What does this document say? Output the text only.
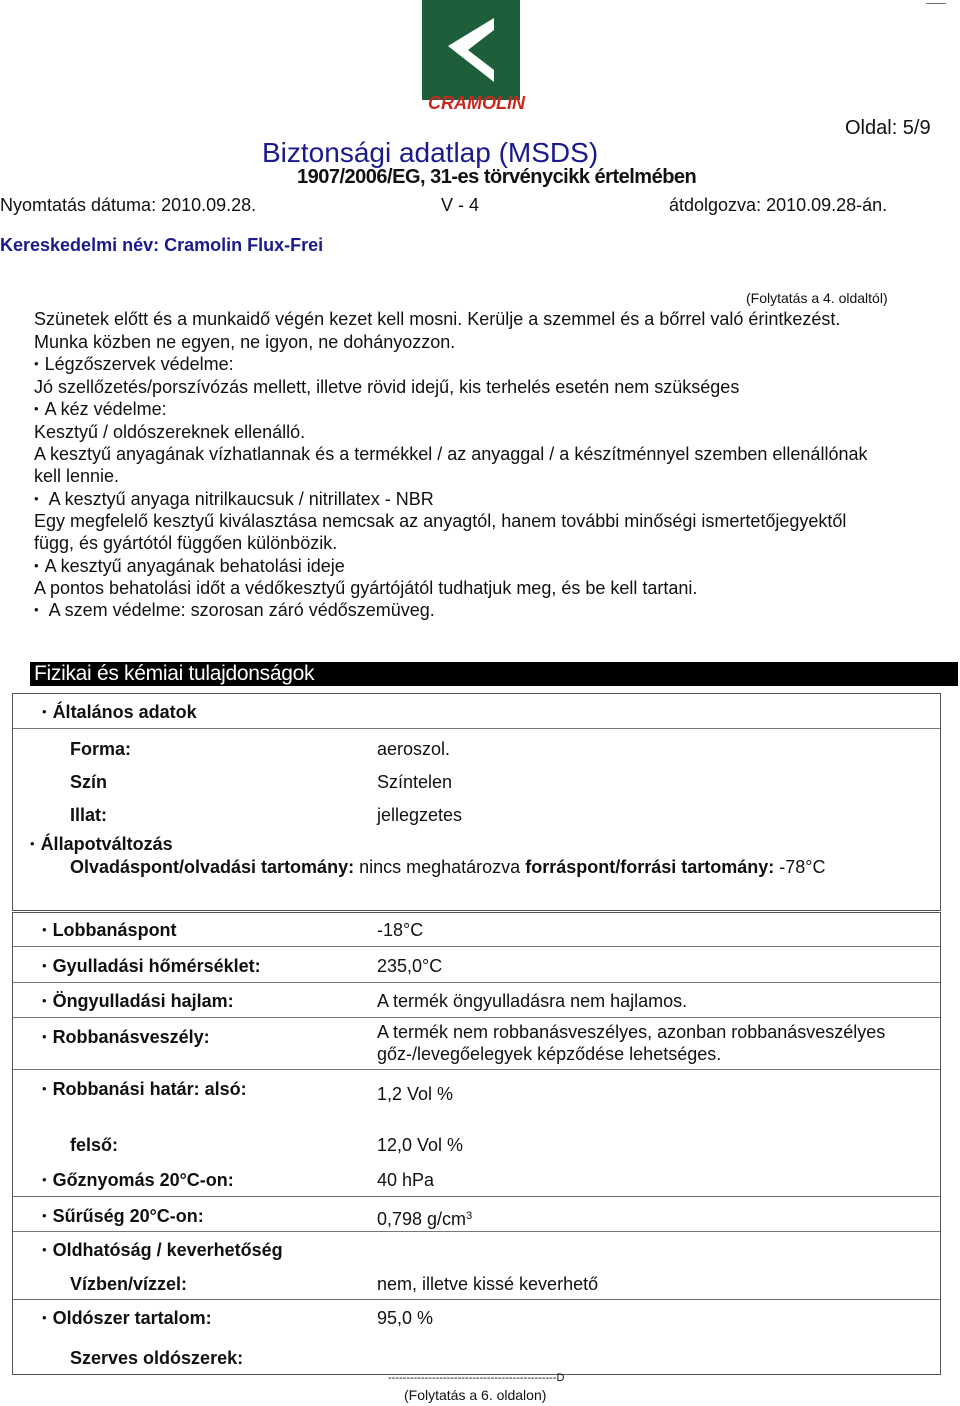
CRAMOLIN
Oldal: 5/9
Biztonsági adatlap (MSDS)
1907/2006/EG, 31-es törvénycikk értelmében
Nyomtatás dátuma: 2010.09.28.	V - 4	átdolgozva: 2010.09.28-án.
Kereskedelmi név: Cramolin Flux-Frei
(Folytatás a 4. oldaltól)
Szünetek előtt és a munkaidő végén kezet kell mosni. Kerülje a szemmel és a bőrrel való érintkezést.
Munka közben ne egyen, ne igyon, ne dohányozzon.
• Légzőszervek védelme:
Jó szellőzetés/porszívózás mellett, illetve rövid idejű, kis terhelés esetén nem szükséges
• A kéz védelme:
Kesztyű / oldószereknek ellenálló.
A kesztyű anyagának vízhatlannak és a termékkel / az anyaggal / a készítménnyel szemben ellenállónak
kell lennie.
• A kesztyű anyaga nitrilkaucsuk / nitrillatex - NBR
Egy megfelelő kesztyű kiválasztása nemcsak az anyagtól, hanem további minőségi ismertetőjegyektől
függ, és gyártótól függően különbözik.
• A kesztyű anyagának behatolási ideje
A pontos behatolási időt a védőkesztyű gyártójától tudhatjuk meg, és be kell tartani.
• A szem védelme: szorosan záró védőszemüveg.
Fizikai és kémiai tulajdonságok
• Általános adatok
Forma:	aeroszol.
Szín	Színtelen
Illat:	jellegzetes
• Állapotváltozás
Olvadáspont/olvadási tartomány: nincs meghatározva forráspont/forrási tartomány: -78°C
• Lobbanáspont	-18°C
• Gyulladási hőmérséklet:	235,0°C
• Öngyulladási hajlam:	A termék öngyulladásra nem hajlamos.
• Robbanásveszély:	A termék nem robbanásveszélyes, azonban robbanásveszélyes
gőz-/levegőelegyek képződése lehetséges.
• Robbanási határ: alsó:	1,2 Vol %
felső:	12,0 Vol %
• Gőznyomás 20°C-on:	40 hPa
• Sűrűség 20°C-on:	0,798 $g/cm^3$
• Oldhatóság / keverhetőség
Vízben/vízzel:	nem, illetve kissé keverhető
• Oldószer tartalom:	95,0 %
Szerves oldószerek:
----------------------------------------------D
(Folytatás a 6. oldalon)
